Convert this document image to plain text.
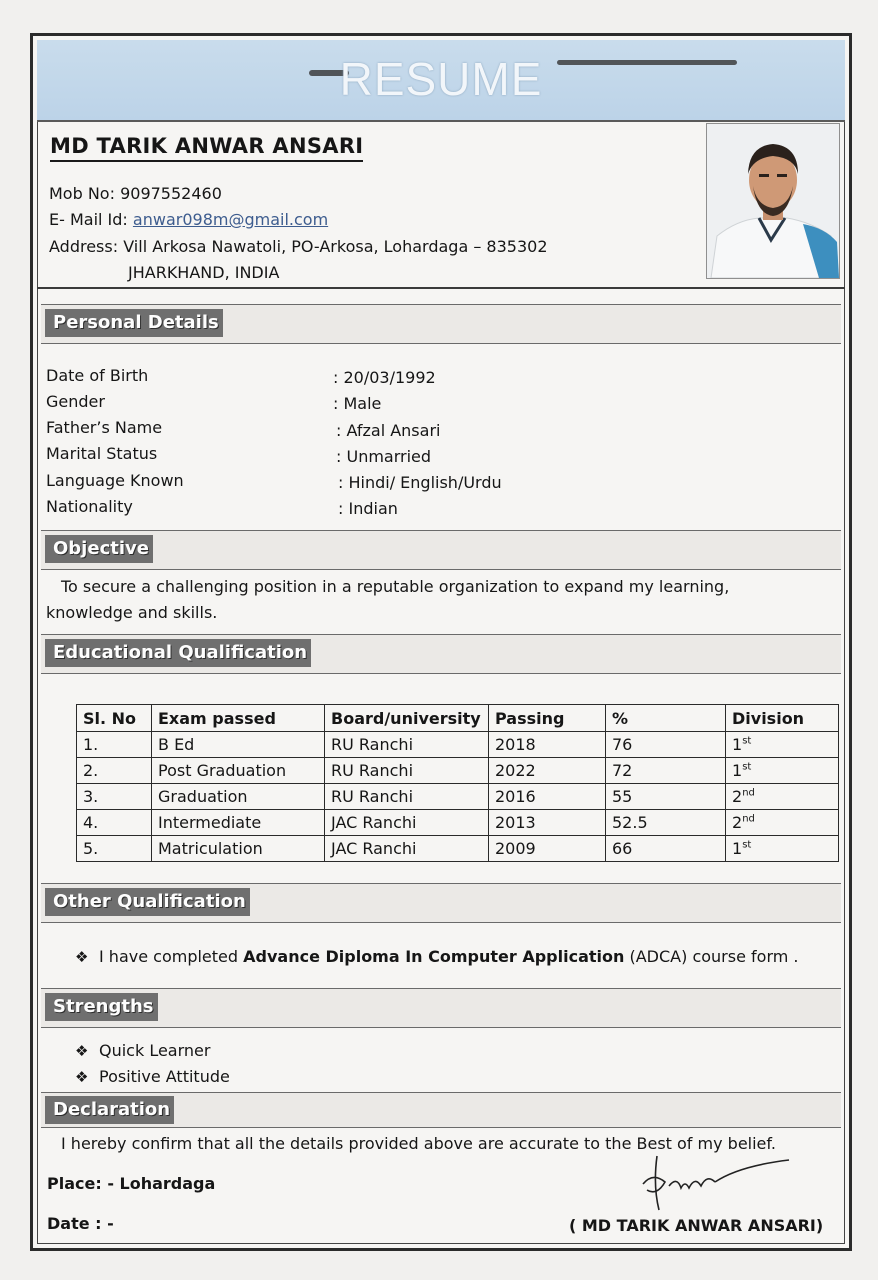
RESUME
MD TARIK ANWAR ANSARI
Mob No: 9097552460
E- Mail Id: anwar098m@gmail.com
Address: Vill Arkosa Nawatoli, PO-Arkosa, Lohardaga – 835302
JHARKHAND, INDIA
Personal Details
Date of Birth	: 20/03/1992
Gender	: Male
Father’s Name	: Afzal Ansari
Marital Status	: Unmarried
Language Known	: Hindi/ English/Urdu
Nationality	: Indian
Objective
To secure a challenging position in a reputable organization to expand my learning,
knowledge and skills.
Educational Qualification
Sl. No	Exam passed	Board/university	Passing	%	Division
1.	B Ed	RU Ranchi	2018	76	1st
2.	Post Graduation	RU Ranchi	2022	72	1st
3.	Graduation	RU Ranchi	2016	55	2nd
4.	Intermediate	JAC Ranchi	2013	52.5	2nd
5.	Matriculation	JAC Ranchi	2009	66	1st
Other Qualification
❖ I have completed Advance Diploma In Computer Application (ADCA) course form .
Strengths
❖ Quick Learner
❖ Positive Attitude
Declaration
I hereby confirm that all the details provided above are accurate to the Best of my belief.
Place: - Lohardaga
Date : -	( MD TARIK ANWAR ANSARI)
